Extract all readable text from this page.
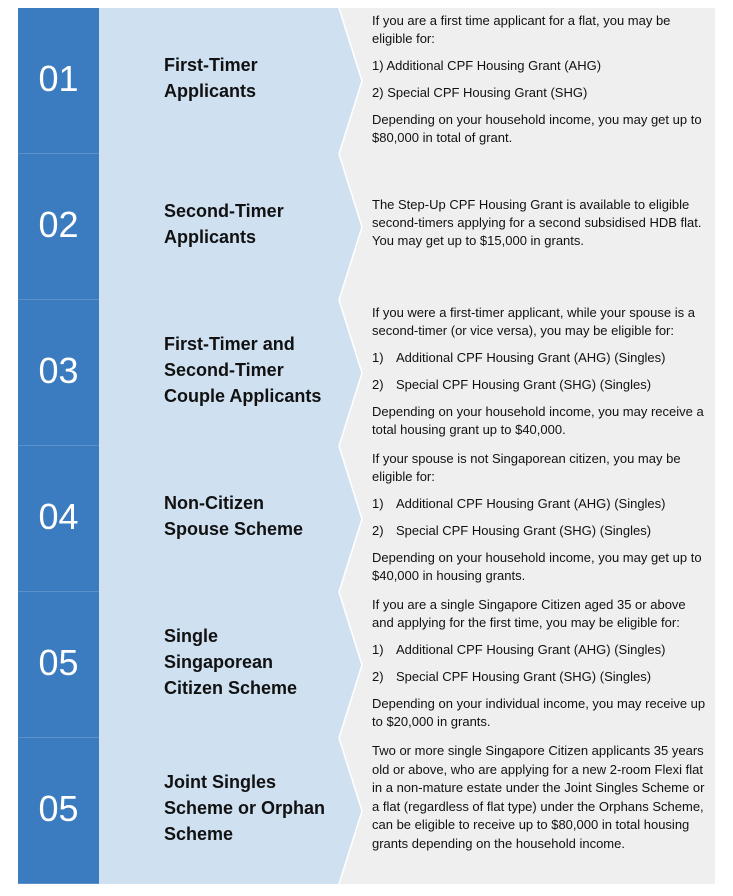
01	First-Timer
Applicants

If you are a first time applicant for a flat, you may be eligible for:

1) Additional CPF Housing Grant (AHG)
2) Special CPF Housing Grant (SHG)

Depending on your household income, you may get up to $80,000 in total of grant.

02	Second-Timer
Applicants

The Step-Up CPF Housing Grant is available to eligible second-timers applying for a second subsidised HDB flat. You may get up to $15,000 in grants.

03
First-Timer and
Second-Timer
Couple Applicants

If you were a first-timer applicant, while your spouse is a second-timer (or vice versa), you may be eligible for:

1) Additional CPF Housing Grant (AHG) (Singles)
2) Special CPF Housing Grant (SHG) (Singles)

Depending on your household income, you may receive a total housing grant up to $40,000.

04	Non-Citizen
Spouse Scheme

If your spouse is not Singaporean citizen, you may be eligible for:

1) Additional CPF Housing Grant (AHG) (Singles)
2) Special CPF Housing Grant (SHG) (Singles)

Depending on your household income, you may get up to $40,000 in housing grants.

05
Single
Singaporean
Citizen Scheme

If you are a single Singapore Citizen aged 35 or above and applying for the first time, you may be eligible for:

1) Additional CPF Housing Grant (AHG) (Singles)
2) Special CPF Housing Grant (SHG) (Singles)

Depending on your individual income, you may receive up to $20,000 in grants.

05
Joint Singles
Scheme or Orphan
Scheme

Two or more single Singapore Citizen applicants 35 years old or above, who are applying for a new 2-room Flexi flat in a non-mature estate under the Joint Singles Scheme or a flat (regardless of flat type) under the Orphans Scheme, can be eligible to receive up to $80,000 in total housing grants depending on the household income.
